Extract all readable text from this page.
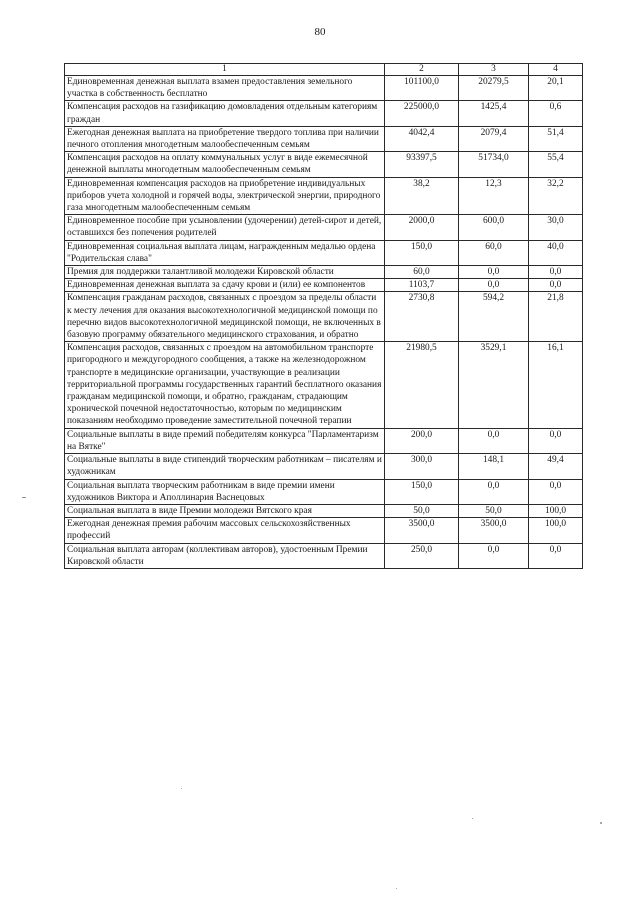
80
1	2	3	4
Единовременная денежная выплата взамен предоставления земельного участка в собственность бесплатно	101100,0	20279,5	20,1
Компенсация расходов на газификацию домовладения отдельным категориям граждан	225000,0	1425,4	0,6
Ежегодная денежная выплата на приобретение твердого топлива при наличии печного отопления многодетным малообеспеченным семьям	4042,4	2079,4	51,4
Компенсация расходов на оплату коммунальных услуг в виде ежемесячной денежной выплаты многодетным малообеспеченным семьям	93397,5	51734,0	55,4
Единовременная компенсация расходов на приобретение индивидуальных приборов учета холодной и горячей воды, электрической энергии, природного газа многодетным малообеспеченным семьям	38,2	12,3	32,2
Единовременное пособие при усыновлении (удочерении) детей-сирот и детей, оставшихся без попечения родителей	2000,0	600,0	30,0
Единовременная социальная выплата лицам, награжденным медалью ордена "Родительская слава"	150,0	60,0	40,0
Премия для поддержки талантливой молодежи Кировской области	60,0	0,0	0,0
Единовременная денежная выплата за сдачу крови и (или) ее компонентов	1103,7	0,0	0,0
Компенсация гражданам расходов, связанных с проездом за пределы области к месту лечения для оказания высокотехнологичной медицинской помощи по перечню видов высокотехнологичной медицинской помощи, не включенных в базовую программу обязательного медицинского страхования, и обратно	2730,8	594,2	21,8
Компенсация расходов, связанных с проездом на автомобильном транспорте пригородного и междугородного сообщения, а также на железнодорожном транспорте в медицинские организации, участвующие в реализации территориальной программы государственных гарантий бесплатного оказания гражданам медицинской помощи, и обратно, гражданам, страдающим хронической почечной недостаточностью, которым по медицинским показаниям необходимо проведение заместительной почечной терапии	21980,5	3529,1	16,1
Социальные выплаты в виде премий победителям конкурса "Парламентаризм на Вятке"	200,0	0,0	0,0
Социальные выплаты в виде стипендий творческим работникам – писателям и художникам	300,0	148,1	49,4
Социальная выплата творческим работникам в виде премии имени художников Виктора и Аполлинария Васнецовых	150,0	0,0	0,0
Социальная выплата в виде Премии молодежи Вятского края	50,0	50,0	100,0
Ежегодная денежная премия рабочим массовых сельскохозяйственных профессий	3500,0	3500,0	100,0
Социальная выплата авторам (коллективам авторов), удостоенным Премии Кировской области	250,0	0,0	0,0
